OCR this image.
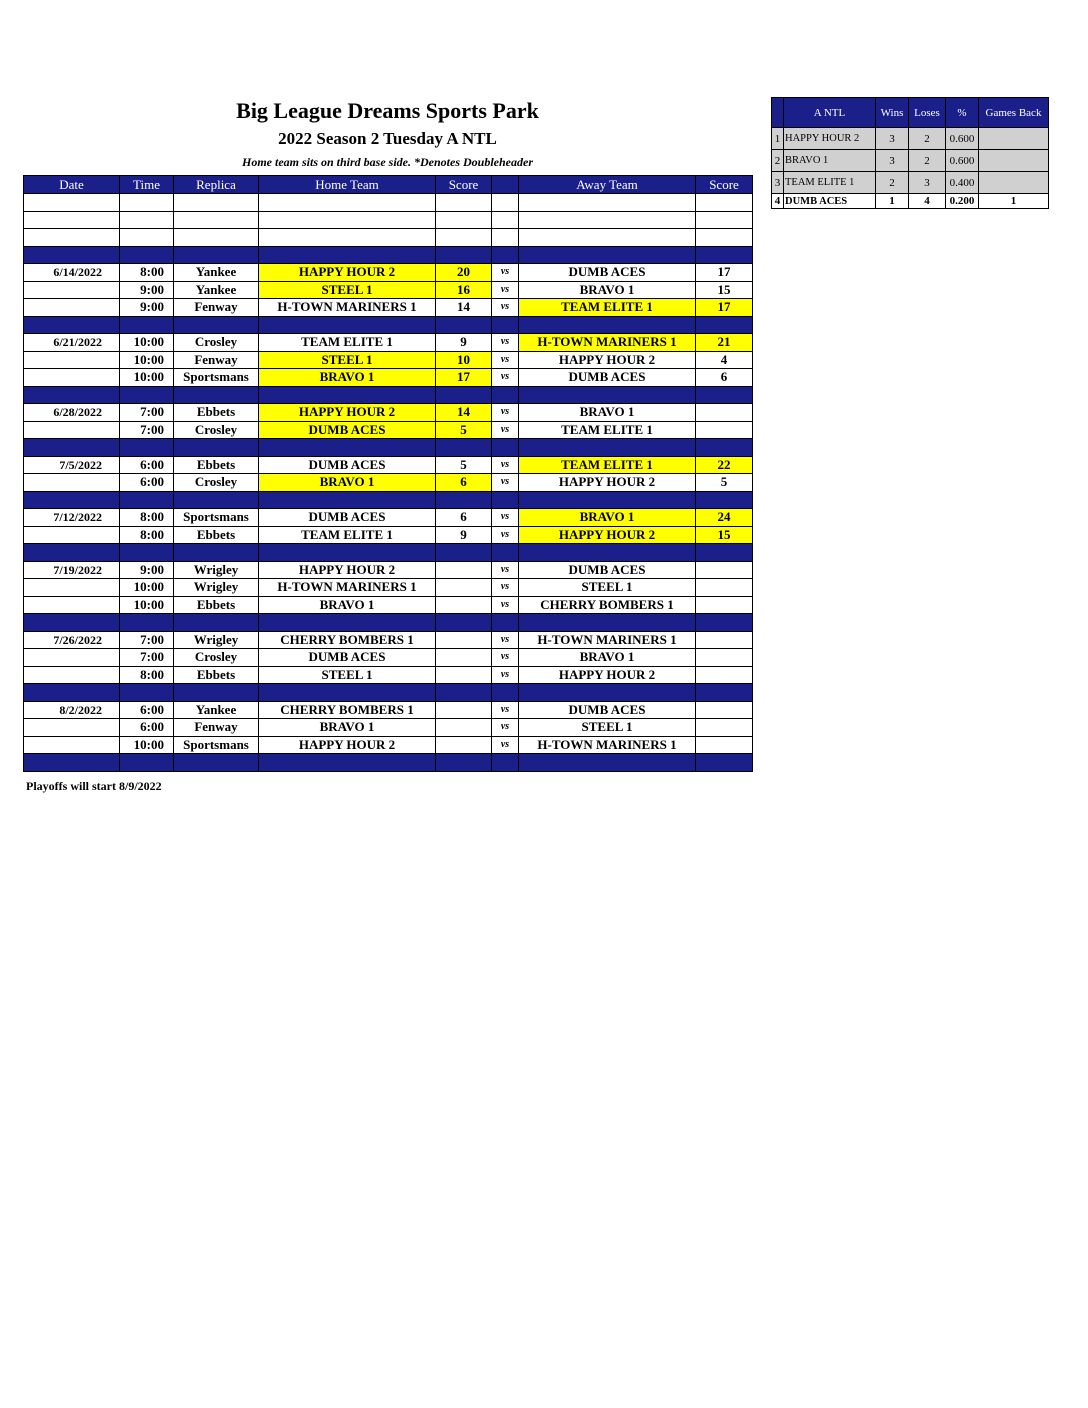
Big League Dreams Sports Park
2022 Season 2 Tuesday A NTL
Home team sits on third base side. *Denotes Doubleheader
Date	Time	Replica	Home Team	Score		Away Team	Score

6/14/2022	8:00	Yankee	HAPPY HOUR 2	20	vs	DUMB ACES	17
	9:00	Yankee	STEEL 1	16	vs	BRAVO 1	15
	9:00	Fenway	H-TOWN MARINERS 1	14	vs	TEAM ELITE 1	17

6/21/2022	10:00	Crosley	TEAM ELITE 1	9	vs	H-TOWN MARINERS 1	21
	10:00	Fenway	STEEL 1	10	vs	HAPPY HOUR 2	4
	10:00	Sportsmans	BRAVO 1	17	vs	DUMB ACES	6

6/28/2022	7:00	Ebbets	HAPPY HOUR 2	14	vs	BRAVO 1	
	7:00	Crosley	DUMB ACES	5	vs	TEAM ELITE 1	

7/5/2022	6:00	Ebbets	DUMB ACES	5	vs	TEAM ELITE 1	22
	6:00	Crosley	BRAVO 1	6	vs	HAPPY HOUR 2	5

7/12/2022	8:00	Sportsmans	DUMB ACES	6	vs	BRAVO 1	24
	8:00	Ebbets	TEAM ELITE 1	9	vs	HAPPY HOUR 2	15

7/19/2022	9:00	Wrigley	HAPPY HOUR 2		vs	DUMB ACES	
	10:00	Wrigley	H-TOWN MARINERS 1		vs	STEEL 1	
	10:00	Ebbets	BRAVO 1		vs	CHERRY BOMBERS 1	

7/26/2022	7:00	Wrigley	CHERRY BOMBERS 1		vs	H-TOWN MARINERS 1	
	7:00	Crosley	DUMB ACES		vs	BRAVO 1	
	8:00	Ebbets	STEEL 1		vs	HAPPY HOUR 2	

8/2/2022	6:00	Yankee	CHERRY BOMBERS 1		vs	DUMB ACES	
	6:00	Fenway	BRAVO 1		vs	STEEL 1	
	10:00	Sportsmans	HAPPY HOUR 2		vs	H-TOWN MARINERS 1	

Playoffs will start 8/9/2022
	A NTL	Wins	Loses	%	Games Back
1	HAPPY HOUR 2	3	2	0.600	
2	BRAVO 1	3	2	0.600	
3	TEAM ELITE 1	2	3	0.400	
4	DUMB ACES	1	4	0.200	1
